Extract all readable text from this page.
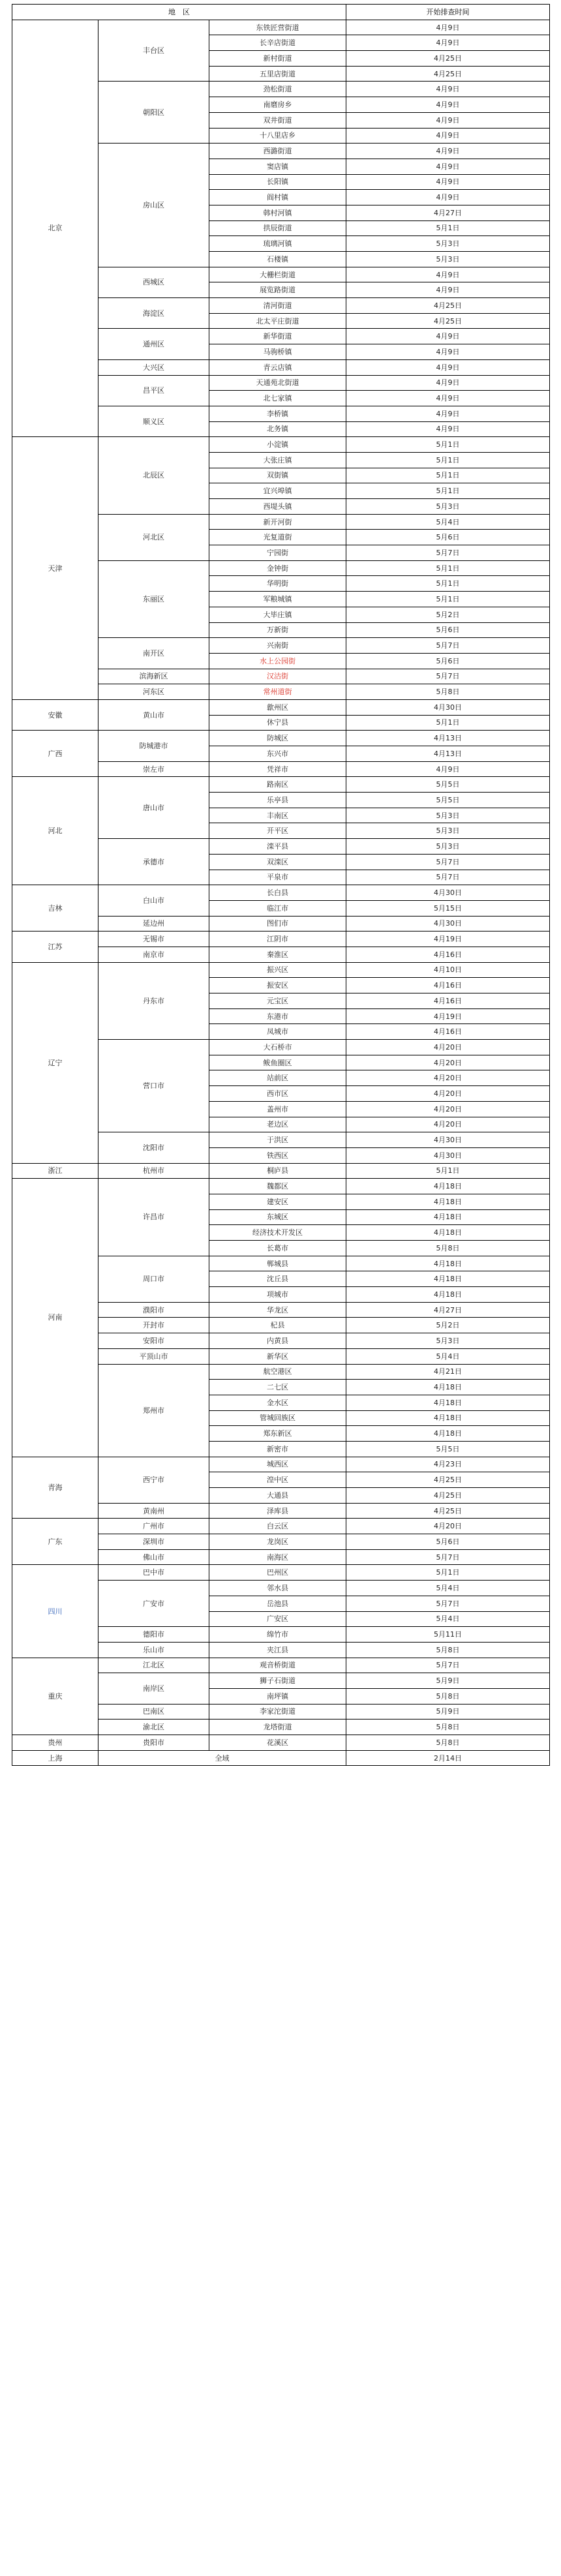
地　区			开始排查时间
北京	丰台区	东铁匠营街道	4月9日
		长辛店街道	4月9日
		新村街道	4月25日
		五里店街道	4月25日
	朝阳区	劲松街道	4月9日
		南磨房乡	4月9日
		双井街道	4月9日
		十八里店乡	4月9日
	房山区	西潞街道	4月9日
		窦店镇	4月9日
		长阳镇	4月9日
		阎村镇	4月9日
		韩村河镇	4月27日
		拱辰街道	5月1日
		琉璃河镇	5月3日
		石楼镇	5月3日
	西城区	大栅栏街道	4月9日
		展览路街道	4月9日
	海淀区	清河街道	4月25日
		北太平庄街道	4月25日
	通州区	新华街道	4月9日
		马驹桥镇	4月9日
	大兴区	青云店镇	4月9日
	昌平区	天通苑北街道	4月9日
		北七家镇	4月9日
	顺义区	李桥镇	4月9日
		北务镇	4月9日
天津	北辰区	小淀镇	5月1日
		大张庄镇	5月1日
		双街镇	5月1日
		宜兴埠镇	5月1日
		西堤头镇	5月3日
	河北区	新开河街	5月4日
		光复道街	5月6日
		宁园街	5月7日
	东丽区	金钟街	5月1日
		华明街	5月1日
		军粮城镇	5月1日
		大毕庄镇	5月2日
		万新街	5月6日
	南开区	兴南街	5月7日
		水上公园街	5月6日
	滨海新区	汉沽街	5月7日
	河东区	常州道街	5月8日
安徽	黄山市	歙州区	4月30日
		休宁县	5月1日
广西	防城港市	防城区	4月13日
		东兴市	4月13日
	崇左市	凭祥市	4月9日
河北	唐山市	路南区	5月5日
		乐亭县	5月5日
		丰南区	5月3日
		开平区	5月3日
	承德市	滦平县	5月3日
		双滦区	5月7日
		平泉市	5月7日
吉林	白山市	长白县	4月30日
		临江市	5月15日
	延边州	图们市	4月30日
江苏	无锡市	江阴市	4月19日
	南京市	秦淮区	4月16日
辽宁	丹东市	振兴区	4月10日
		振安区	4月16日
		元宝区	4月16日
		东港市	4月19日
		凤城市	4月16日
	营口市	大石桥市	4月20日
		鲅鱼圈区	4月20日
		站前区	4月20日
		西市区	4月20日
		盖州市	4月20日
		老边区	4月20日
	沈阳市	于洪区	4月30日
		铁西区	4月30日
浙江	杭州市	桐庐县	5月1日
河南	许昌市	魏都区	4月18日
		建安区	4月18日
		东城区	4月18日
		经济技术开发区	4月18日
		长葛市	5月8日
	周口市	郸城县	4月18日
		沈丘县	4月18日
		项城市	4月18日
	濮阳市	华龙区	4月27日
	开封市	杞县	5月2日
	安阳市	内黄县	5月3日
	平顶山市	新华区	5月4日
	郑州市	航空港区	4月21日
		二七区	4月18日
		金水区	4月18日
		管城回族区	4月18日
		郑东新区	4月18日
		新密市	5月5日
青海	西宁市	城西区	4月23日
		湟中区	4月25日
		大通县	4月25日
	黄南州	泽库县	4月25日
广东	广州市	白云区	4月20日
	深圳市	龙岗区	5月6日
	佛山市	南海区	5月7日
四川	巴中市	巴州区	5月1日
	广安市	邻水县	5月4日
		岳池县	5月7日
		广安区	5月4日
	德阳市	绵竹市	5月11日
	乐山市	夹江县	5月8日
重庆	江北区	观音桥街道	5月7日
	南岸区	狮子石街道	5月9日
		南坪镇	5月8日
	巴南区	李家沱街道	5月9日
	渝北区	龙塔街道	5月8日
贵州	贵阳市	花溪区	5月8日
上海	全域		2月14日
